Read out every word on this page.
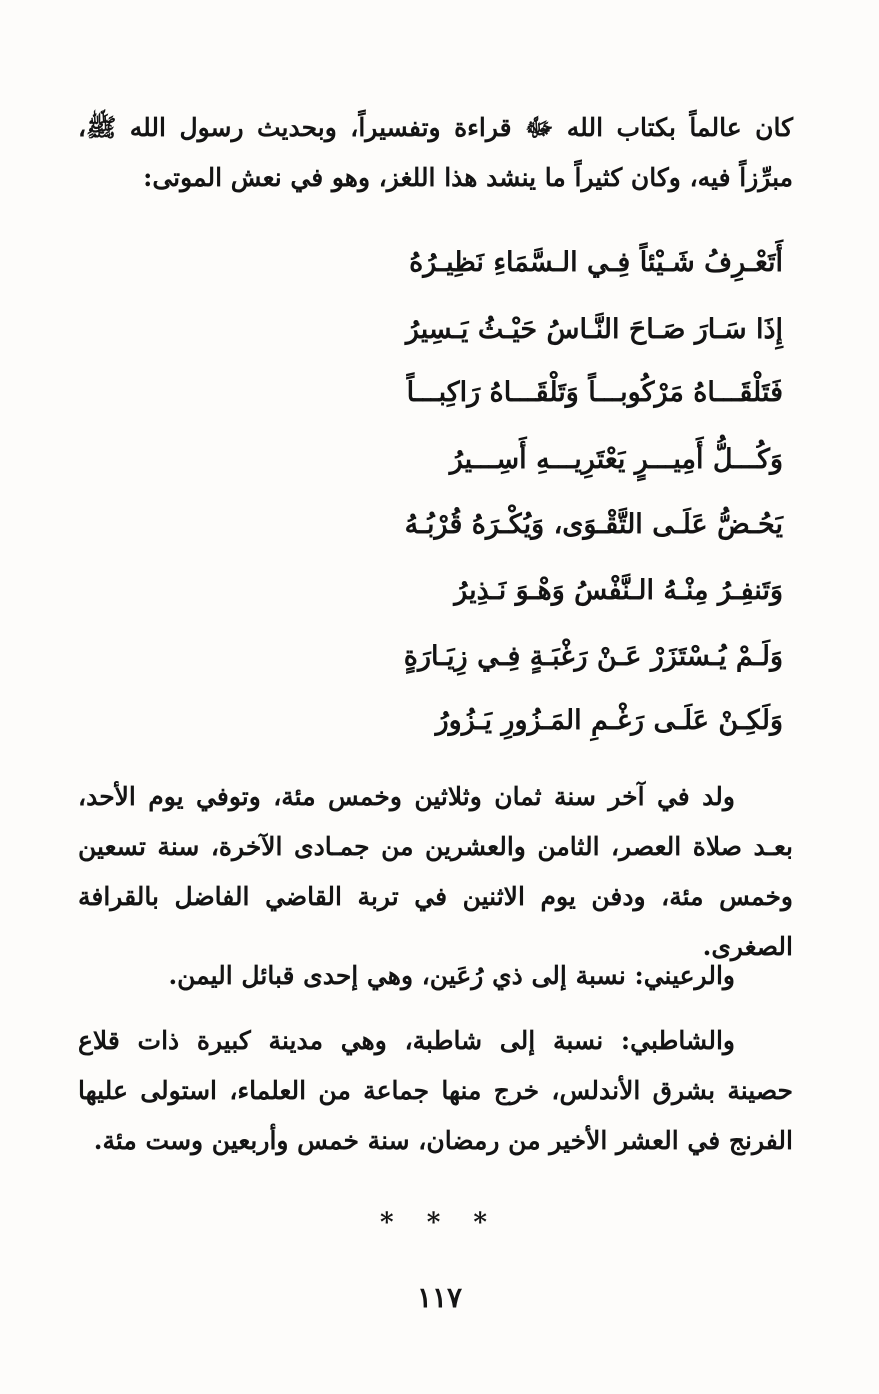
كان عالماً بكتاب الله ﷻ قراءة وتفسيراً، وبحديث رسول الله ﷺ، مبرِّزاً فيه، وكان كثيراً ما ينشد هذا اللغز، وهو في نعش الموتى:

أَتَعْـرِفُ شَـيْئاً فِـي الـسَّمَاءِ نَظِيـرُهُ

إِذَا سَـارَ صَـاحَ النَّـاسُ حَيْـثُ يَـسِيرُ

فَتَلْقَـــاهُ مَرْكُوبـــاً وَتَلْقَـــاهُ رَاكِبـــاً

وَكُـــلُّ أَمِيـــرٍ يَعْتَرِيـــهِ أَسِـــيرُ

يَحُـضُّ عَلَـى التَّقْـوَى، وَيُكْـرَهُ قُرْبُـهُ

وَتَنفِـرُ مِنْـهُ الـنَّفْسُ وَهْـوَ نَـذِيرُ

وَلَـمْ يُـسْتَزَرْ عَـنْ رَغْبَـةٍ فِـي زِيَـارَةٍ

وَلَكِـنْ عَلَـى رَغْـمِ المَـزُورِ يَـزُورُ

ولد في آخر سنة ثمان وثلاثين وخمس مئة، وتوفي يوم الأحد، بعـد صلاة العصر، الثامن والعشرين من جمـادى الآخرة، سنة تسعين وخمس مئة، ودفن يوم الاثنين في تربة القاضي الفاضل بالقرافة الصغرى.

والرعيني: نسبة إلى ذي رُعَين، وهي إحدى قبائل اليمن.

والشاطبي: نسبة إلى شاطبة، وهي مدينة كبيرة ذات قلاع حصينة بشرق الأندلس، خرج منها جماعة من العلماء، استولى عليها الفرنج في العشر الأخير من رمضان، سنة خمس وأربعين وست مئة.

* * *
١١٧
